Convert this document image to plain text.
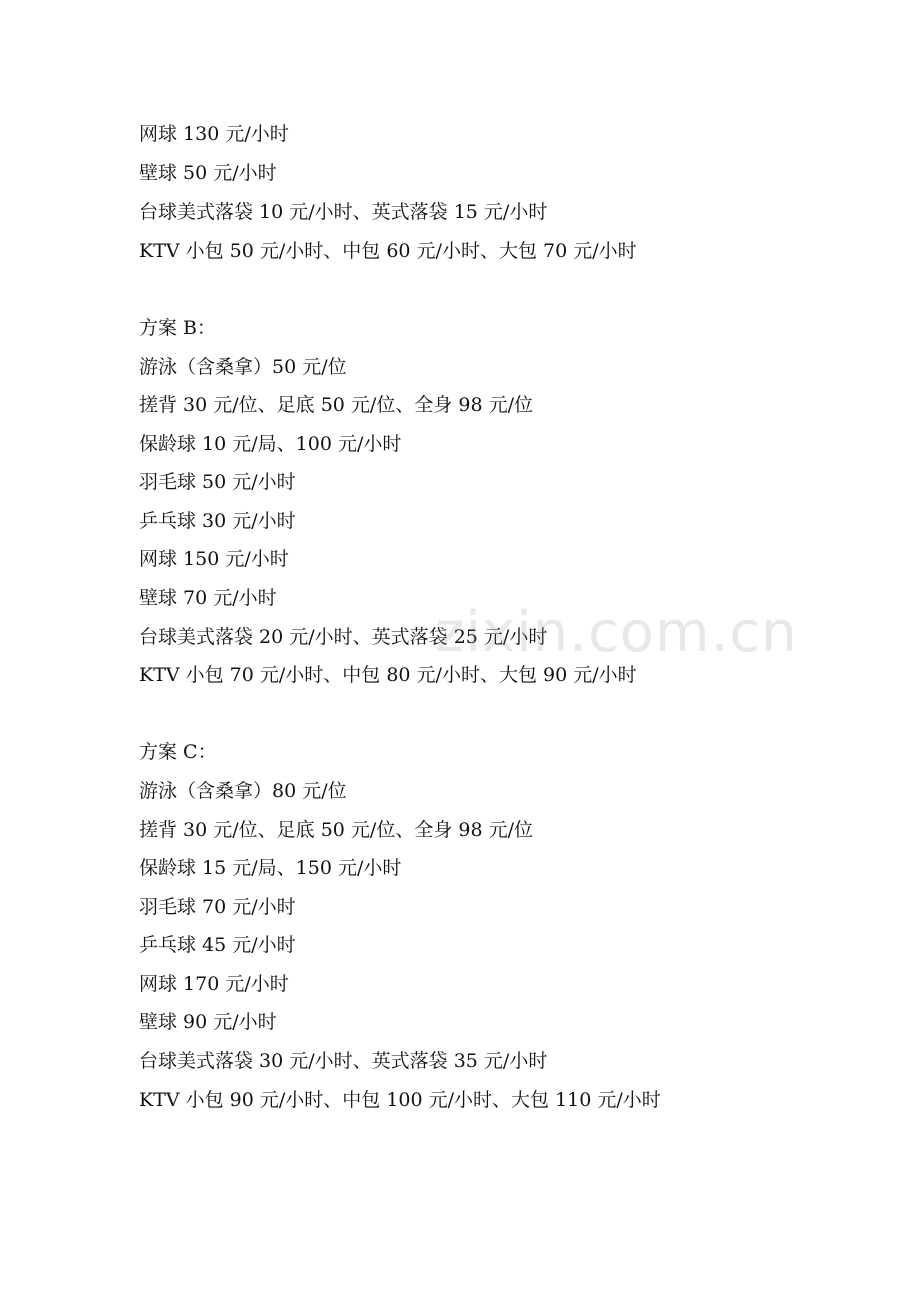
网球 130 元/小时
壁球 50 元/小时
台球美式落袋 10 元/小时、英式落袋 15 元/小时
KTV 小包 50 元/小时、中包 60 元/小时、大包 70 元/小时
方案 B：
游泳（含桑拿）50 元/位
搓背 30 元/位、足底 50 元/位、全身 98 元/位
保龄球 10 元/局、100 元/小时
羽毛球 50 元/小时
乒乓球 30 元/小时
网球 150 元/小时
壁球 70 元/小时
台球美式落袋 20 元/小时、英式落袋 25 元/小时
KTV 小包 70 元/小时、中包 80 元/小时、大包 90 元/小时
方案 C：
游泳（含桑拿）80 元/位
搓背 30 元/位、足底 50 元/位、全身 98 元/位
保龄球 15 元/局、150 元/小时
羽毛球 70 元/小时
乒乓球 45 元/小时
网球 170 元/小时
壁球 90 元/小时
台球美式落袋 30 元/小时、英式落袋 35 元/小时
KTV 小包 90 元/小时、中包 100 元/小时、大包 110 元/小时
zixin.com.cn
